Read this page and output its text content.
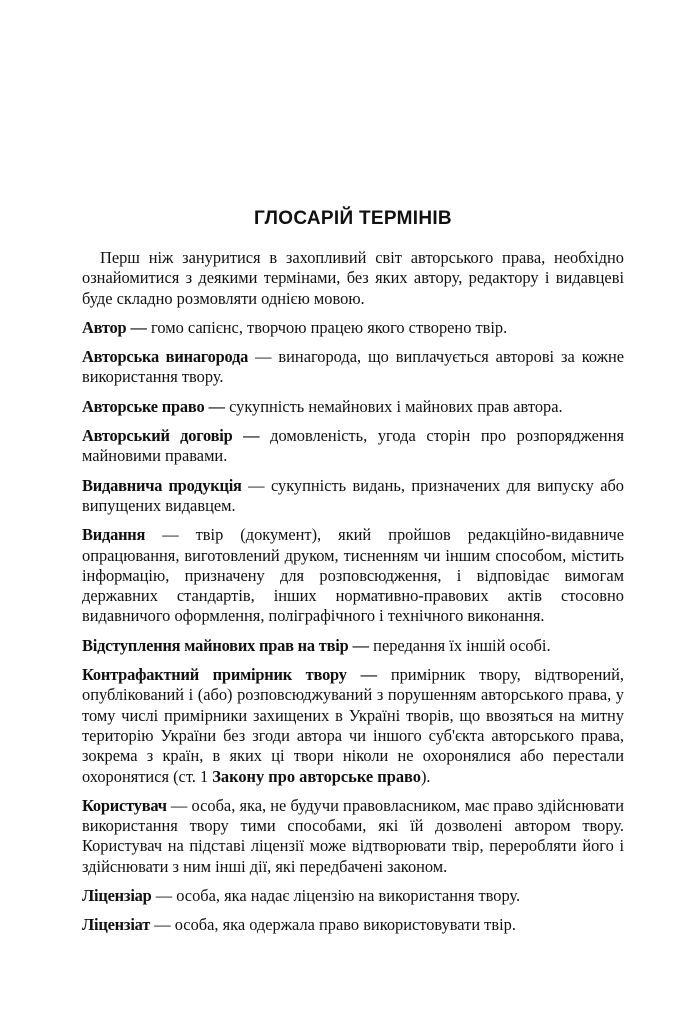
ГЛОСАРІЙ ТЕРМІНІВ

Перш ніж зануритися в захопливий світ авторського права, необхідно ознайомитися з деякими термінами, без яких автору, редактору і видавцеві буде складно розмовляти однією мовою.

Автор — гомо сапієнс, творчою працею якого створено твір.

Авторська винагорода — винагорода, що виплачується авторові за кожне використання твору.

Авторське право — сукупність немайнових і майнових прав автора.

Авторський договір — домовленість, угода сторін про розпорядження майновими правами.

Видавнича продукція — сукупність видань, призначених для випуску або випущених видавцем.

Видання — твір (документ), який пройшов редакційно-видавниче опрацювання, виготовлений друком, тисненням чи іншим способом, містить інформацію, призначену для розповсюдження, і відповідає вимогам державних стандартів, інших нормативно-правових актів стосовно видавничого оформлення, поліграфічного і технічного виконання.

Відступлення майнових прав на твір — передання їх іншій особі.

Контрафактний примірник твору — примірник твору, відтворений, опублікований і (або) розповсюджуваний з порушенням авторського права, у тому числі примірники захищених в Україні творів, що ввозяться на митну територію України без згоди автора чи іншого суб'єкта авторського права, зокрема з країн, в яких ці твори ніколи не охоронялися або перестали охоронятися (ст. 1 Закону про авторське право).

Користувач — особа, яка, не будучи правовласником, має право здійснювати використання твору тими способами, які їй дозволені автором твору. Користувач на підставі ліцензії може відтворювати твір, переробляти його і здійснювати з ним інші дії, які передбачені законом.

Ліцензіар — особа, яка надає ліцензію на використання твору.

Ліцензіат — особа, яка одержала право використовувати твір.
